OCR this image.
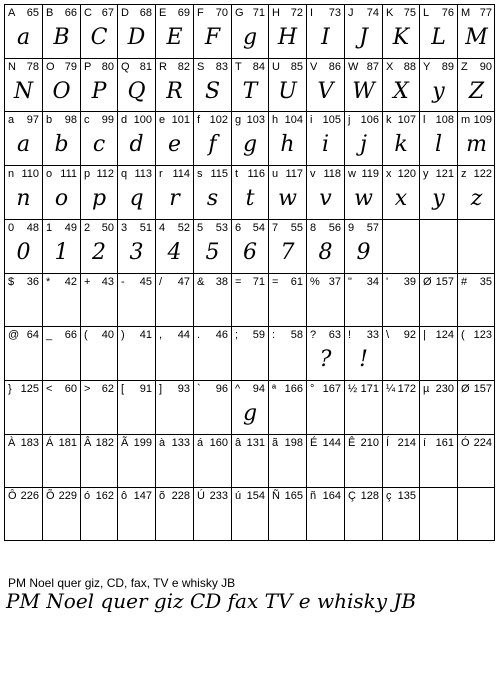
A 65
a
B 66
B
C 67
C
D 68
D
E 69
E
F 70
F
G 71
g
H 72
H
I 73
I
J 74
J
K 75
K
L 76
L
M 77
M
N 78
N
O 79
O
P 80
P
Q 81
Q
R 82
R
S 83
S
T 84
T
U 85
U
V 86
V
W 87
W
X 88
X
Y 89
y
Z 90
Z
a 97
a
b 98
b
c 99
c
d 100
d
e 101
e
f 102
f
g 103
g
h 104
h
i 105
i
j 106
j
k 107
k
l 108
l
m 109
m
n 110
n
o 111
o
p 112
p
q 113
q
r 114
r
s 115
s
t 116
t
u 117
w
v 118
v
w 119
w
x 120
x
y 121
y
z 122
z
0 48
0
1 49
1
2 50
2
3 51
3
4 52
4
5 53
5
6 54
6
7 55
7
8 56
8
9 57
9
$ 36 * 42 + 43 - 45 / 47 & 38 = 71 = 61 % 37 " 34 ' 39 Ø 157 # 35
@ 64 _ 66 ( 40 ) 41 , 44 . 46 ; 59 : 58 ? 63
?
! 33
!
\ 92 | 124 ( 123
} 125 < 60 > 62 [ 91 ] 93 ` 96 ^ 94
g
ª 166 ° 167 ½ 171 ¼ 172 µ 230 Ø 157
À 183 Á 181 Â 182 Ã 199 à 133 á 160 â 131 ã 198 É 144 Ê 210 Í 214 í 161 Ó 224
Ô 226 Õ 229 ó 162 ô 147 õ 228 Ú 233 ú 154 Ñ 165 ñ 164 Ç 128 ç 135
PM Noel quer giz, CD, fax, TV e whisky JB
PM Noel quer giz CD fax TV e whisky JB
